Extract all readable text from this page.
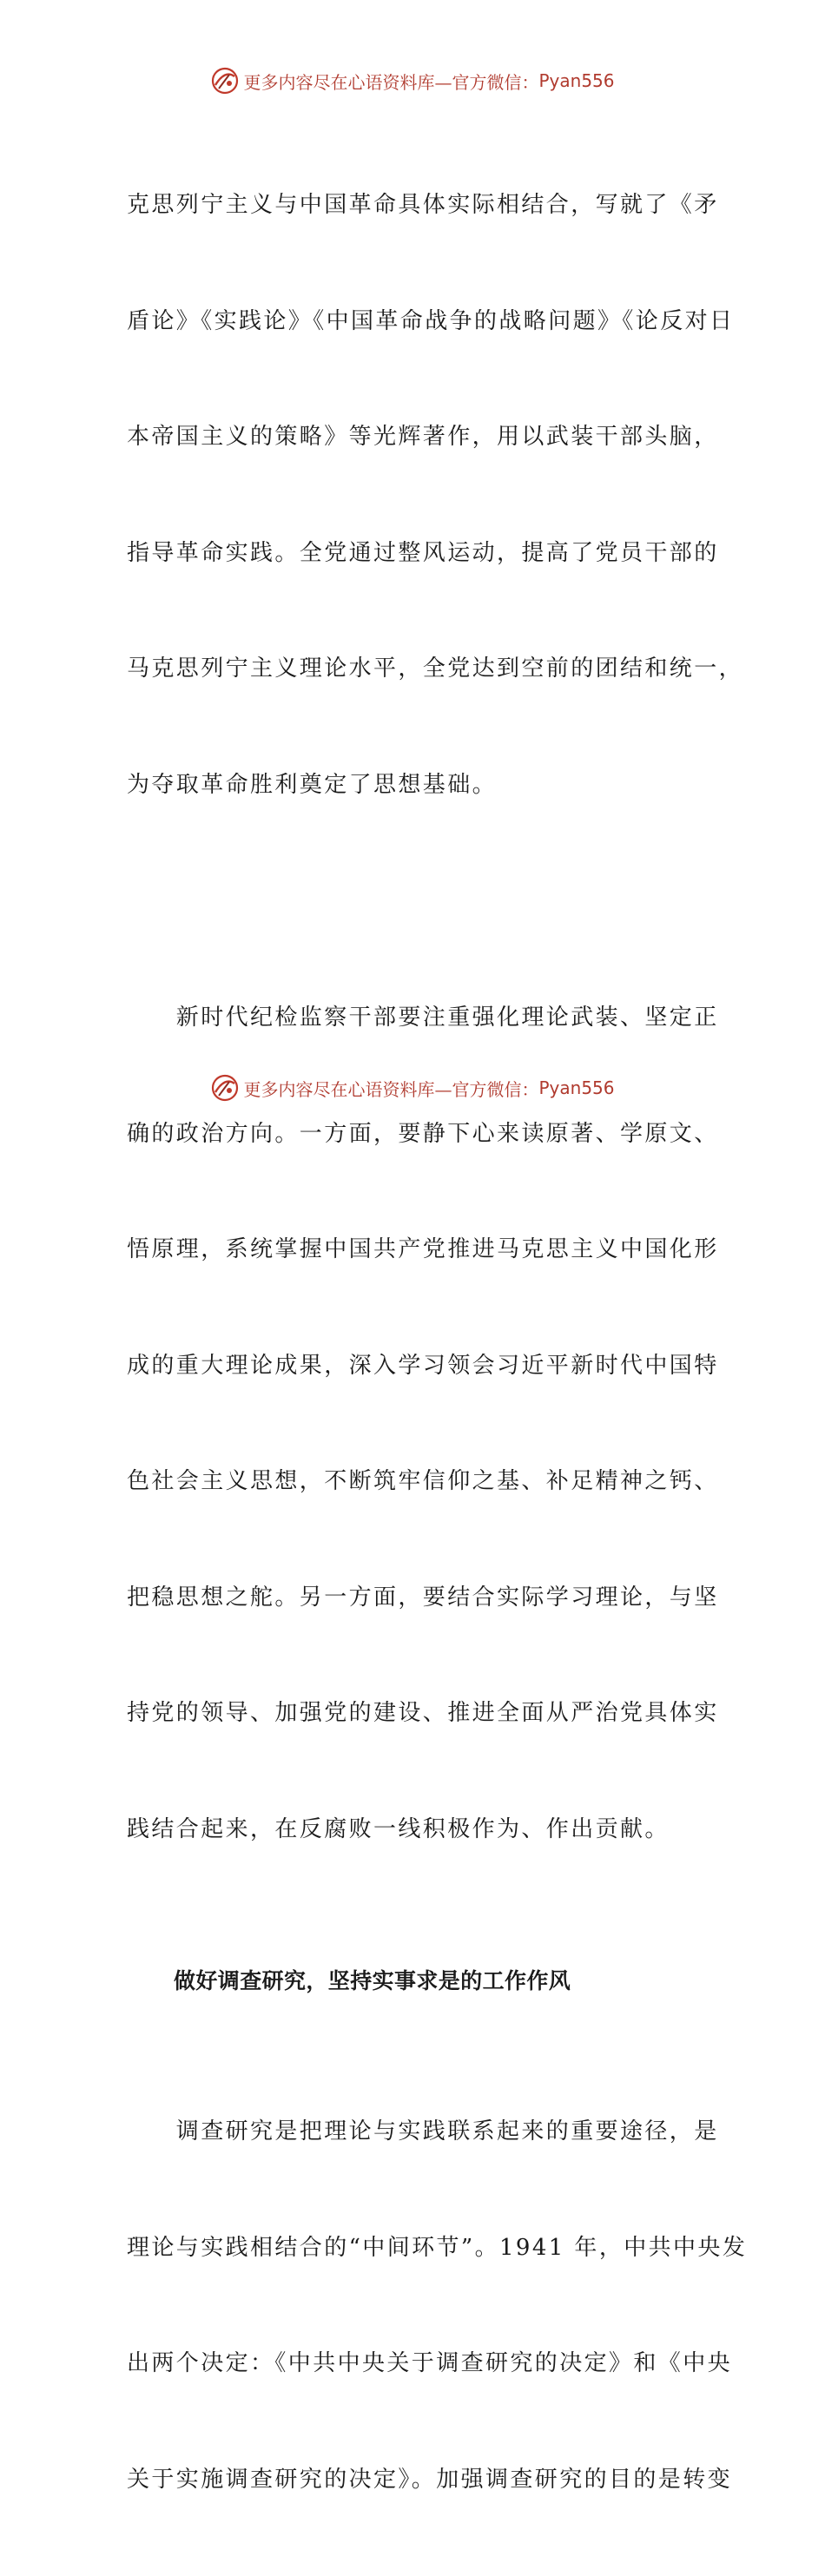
更多内容尽在心语资料库—官方微信： Pyan556

克思列宁主义与中国革命具体实际相结合，写就了《矛

盾论》《实践论》《中国革命战争的战略问题》《论反对日

本帝国主义的策略》等光辉著作，用以武装干部头脑，

指导革命实践。全党通过整风运动，提高了党员干部的

马克思列宁主义理论水平，全党达到空前的团结和统一，

为夺取革命胜利奠定了思想基础。

　　新时代纪检监察干部要注重强化理论武装、坚定正

确的政治方向。一方面，要静下心来读原著、学原文、

悟原理，系统掌握中国共产党推进马克思主义中国化形

成的重大理论成果，深入学习领会习近平新时代中国特

色社会主义思想，不断筑牢信仰之基、补足精神之钙、

把稳思想之舵。另一方面，要结合实际学习理论，与坚

持党的领导、加强党的建设、推进全面从严治党具体实

践结合起来，在反腐败一线积极作为、作出贡献。

做好调查研究，坚持实事求是的工作作风

　　调查研究是把理论与实践联系起来的重要途径，是

理论与实践相结合的“中间环节”。1941 年，中共中央发

出两个决定：《中共中央关于调查研究的决定》和《中央

关于实施调查研究的决定》。加强调查研究的目的是转变

更多内容尽在心语资料库—官方微信： Pyan556
